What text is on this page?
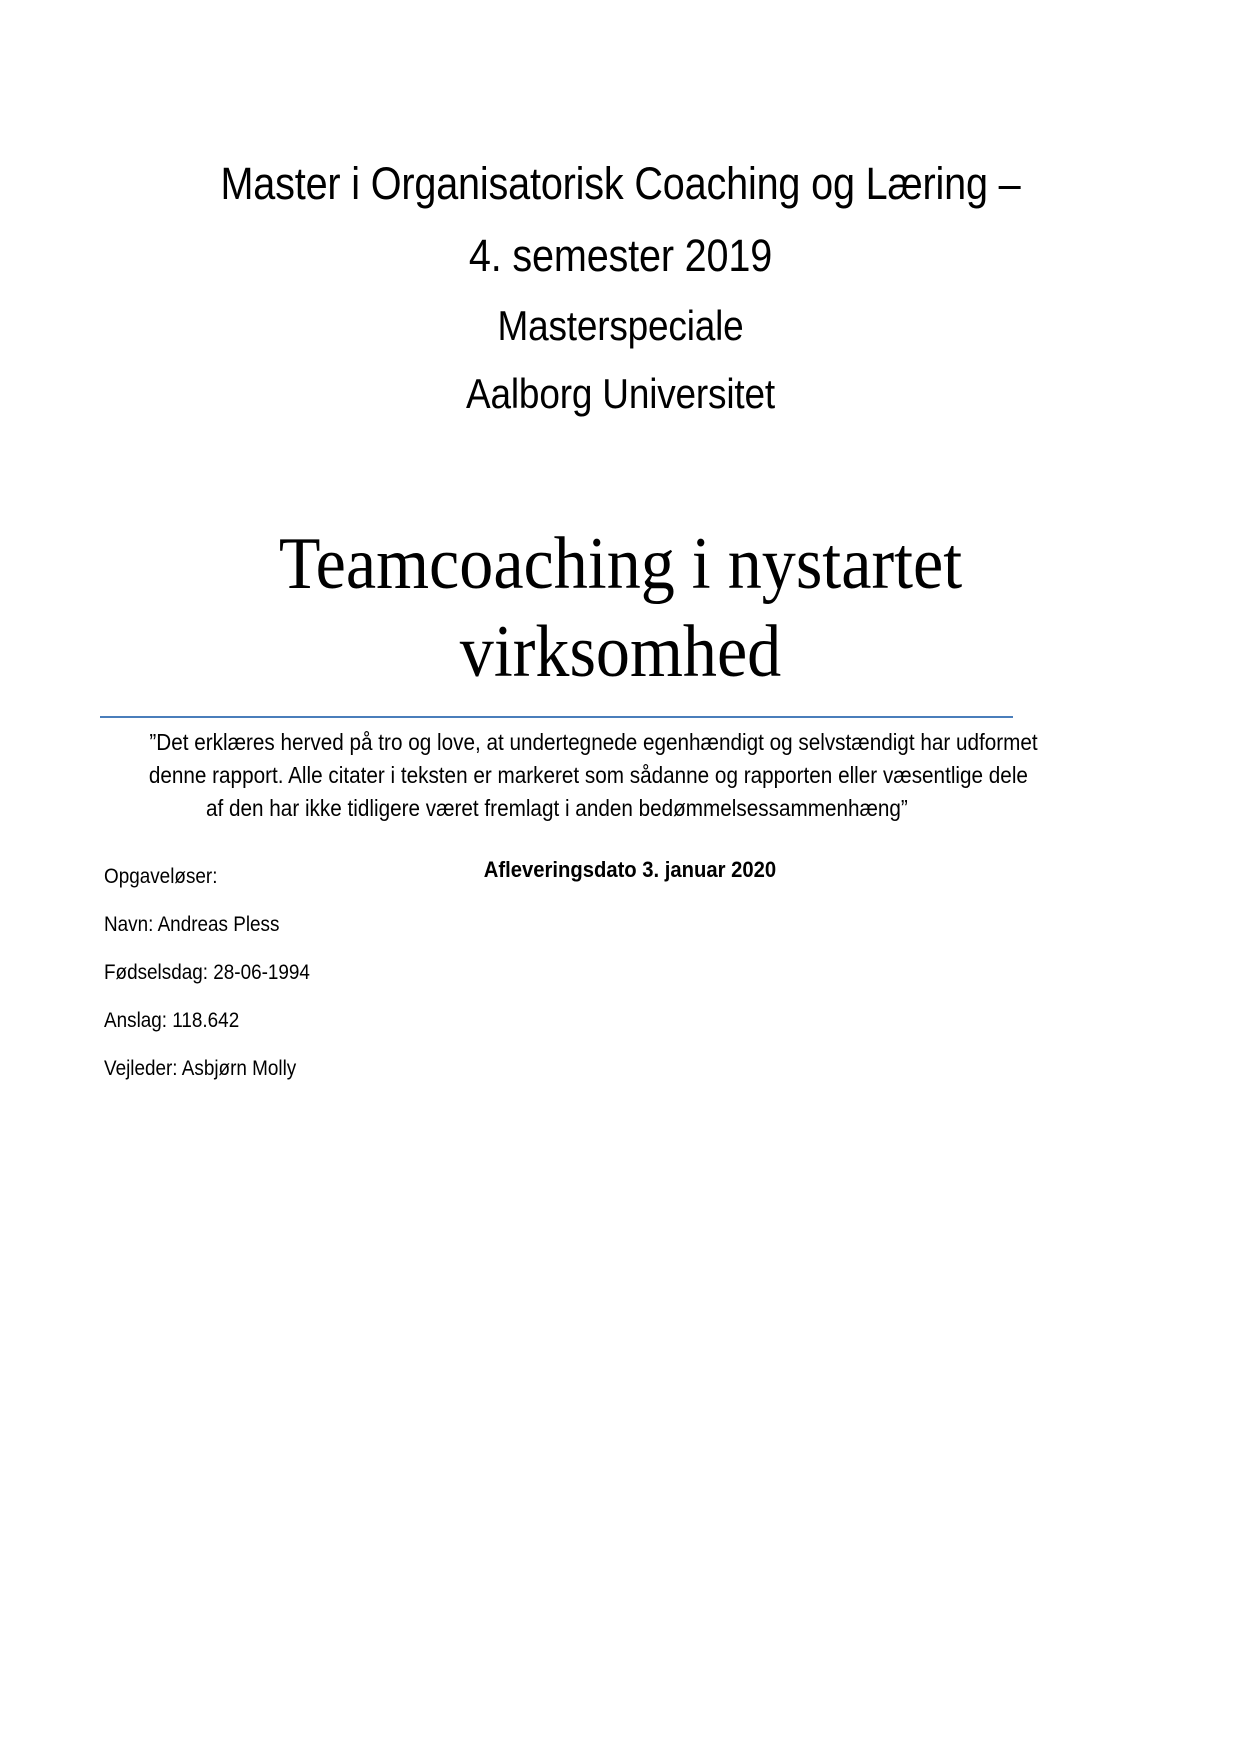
Master i Organisatorisk Coaching og Læring –
4. semester 2019
Masterspeciale
Aalborg Universitet
Teamcoaching i nystartet
virksomhed
”Det erklæres herved på tro og love, at undertegnede egenhændigt og selvstændigt har udformet denne rapport. Alle citater i teksten er markeret som sådanne og rapporten eller væsentlige dele af den har ikke tidligere været fremlagt i anden bedømmelsessammenhæng”
Afleveringsdato 3. januar 2020
Opgaveløser:
Navn: Andreas Pless
Fødselsdag: 28-06-1994
Anslag: 118.642
Vejleder: Asbjørn Molly
